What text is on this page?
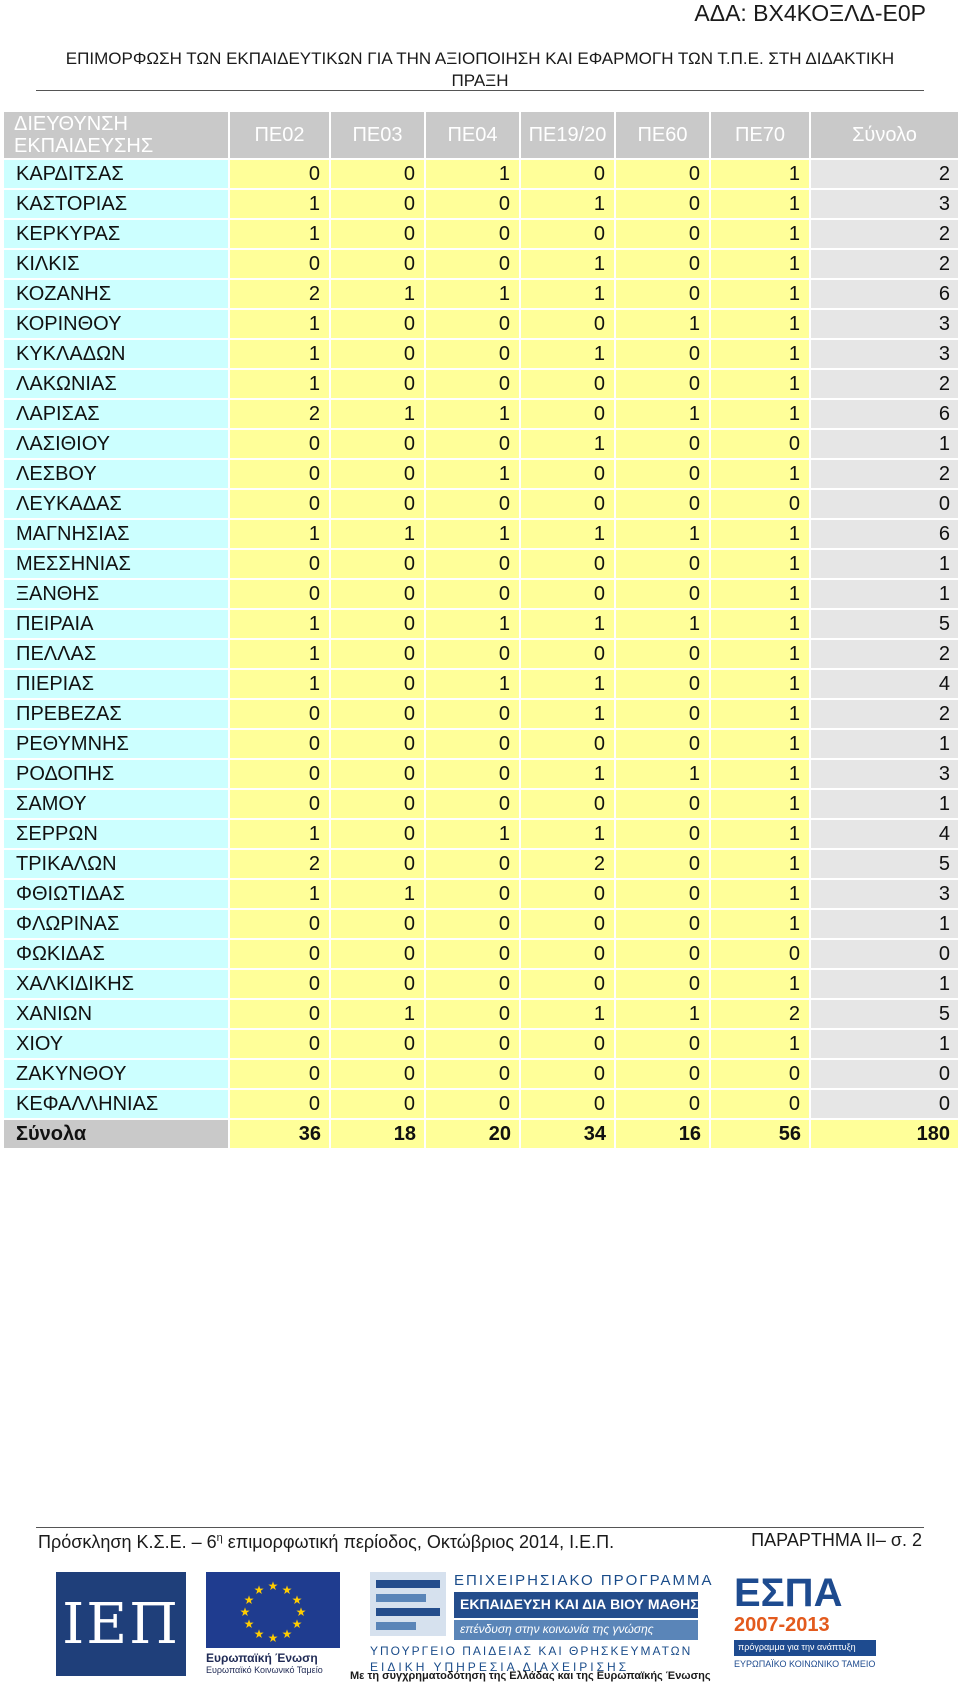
ΑΔΑ: ΒΧ4ΚΟΞΛΔ-Ε0Ρ
ΕΠΙΜΟΡΦΩΣΗ ΤΩΝ ΕΚΠΑΙΔΕΥΤΙΚΩΝ ΓΙΑ ΤΗΝ ΑΞΙΟΠΟΙΗΣΗ ΚΑΙ ΕΦΑΡΜΟΓΗ ΤΩΝ Τ.Π.Ε. ΣΤΗ ΔΙΔΑΚΤΙΚΗ ΠΡΑΞΗ
ΔΙΕΥΘΥΝΣΗ ΕΚΠΑΙΔΕΥΣΗΣ	ΠΕ02	ΠΕ03	ΠΕ04	ΠΕ19/20	ΠΕ60	ΠΕ70	Σύνολο
ΚΑΡΔΙΤΣΑΣ	0	0	1	0	0	1	2
ΚΑΣΤΟΡΙΑΣ	1	0	0	1	0	1	3
ΚΕΡΚΥΡΑΣ	1	0	0	0	0	1	2
ΚΙΛΚΙΣ	0	0	0	1	0	1	2
ΚΟΖΑΝΗΣ	2	1	1	1	0	1	6
ΚΟΡΙΝΘΟΥ	1	0	0	0	1	1	3
ΚΥΚΛΑΔΩΝ	1	0	0	1	0	1	3
ΛΑΚΩΝΙΑΣ	1	0	0	0	0	1	2
ΛΑΡΙΣΑΣ	2	1	1	0	1	1	6
ΛΑΣΙΘΙΟΥ	0	0	0	1	0	0	1
ΛΕΣΒΟΥ	0	0	1	0	0	1	2
ΛΕΥΚΑΔΑΣ	0	0	0	0	0	0	0
ΜΑΓΝΗΣΙΑΣ	1	1	1	1	1	1	6
ΜΕΣΣΗΝΙΑΣ	0	0	0	0	0	1	1
ΞΑΝΘΗΣ	0	0	0	0	0	1	1
ΠΕΙΡΑΙΑ	1	0	1	1	1	1	5
ΠΕΛΛΑΣ	1	0	0	0	0	1	2
ΠΙΕΡΙΑΣ	1	0	1	1	0	1	4
ΠΡΕΒΕΖΑΣ	0	0	0	1	0	1	2
ΡΕΘΥΜΝΗΣ	0	0	0	0	0	1	1
ΡΟΔΟΠΗΣ	0	0	0	1	1	1	3
ΣΑΜΟΥ	0	0	0	0	0	1	1
ΣΕΡΡΩΝ	1	0	1	1	0	1	4
ΤΡΙΚΑΛΩΝ	2	0	0	2	0	1	5
ΦΘΙΩΤΙΔΑΣ	1	1	0	0	0	1	3
ΦΛΩΡΙΝΑΣ	0	0	0	0	0	1	1
ΦΩΚΙΔΑΣ	0	0	0	0	0	0	0
ΧΑΛΚΙΔΙΚΗΣ	0	0	0	0	0	1	1
ΧΑΝΙΩΝ	0	1	0	1	1	2	5
ΧΙΟΥ	0	0	0	0	0	1	1
ΖΑΚΥΝΘΟΥ	0	0	0	0	0	0	0
ΚΕΦΑΛΛΗΝΙΑΣ	0	0	0	0	0	0	0
Σύνολα	36	18	20	34	16	56	180
Πρόσκληση Κ.Σ.Ε. – $6^\eta$ επιμορφωτική περίοδος, Οκτώβριος 2014, Ι.Ε.Π.	ΠΑΡΑΡΤΗΜΑ ΙΙ– σ. 2
ΙΕΠ
★ ★
★
★
★
★
★
★
★
★
★
★
Ευρωπαϊκή Ένωση
Ευρωπαϊκό Κοινωνικό Ταμείο
ΕΠΙΧΕΙΡΗΣΙΑΚΟ ΠΡΟΓΡΑΜΜΑ
ΕΚΠΑΙΔΕΥΣΗ ΚΑΙ ΔΙΑ ΒΙΟΥ ΜΑΘΗΣΗ
επένδυση στην κοινωνία της γνώσης
ΥΠΟΥΡΓΕΙΟ ΠΑΙΔΕΙΑΣ ΚΑΙ ΘΡΗΣΚΕΥΜΑΤΩΝ
ΕΙΔΙΚΗ ΥΠΗΡΕΣΙΑ ΔΙΑΧΕΙΡΙΣΗΣ
Με τη συγχρηματοδότηση της Ελλάδας και της Ευρωπαϊκής Ένωσης
ΕΣΠΑ
2007-2013
πρόγραμμα για την ανάπτυξη
ΕΥΡΩΠΑΪΚΟ ΚΟΙΝΩΝΙΚΟ ΤΑΜΕΙΟ
